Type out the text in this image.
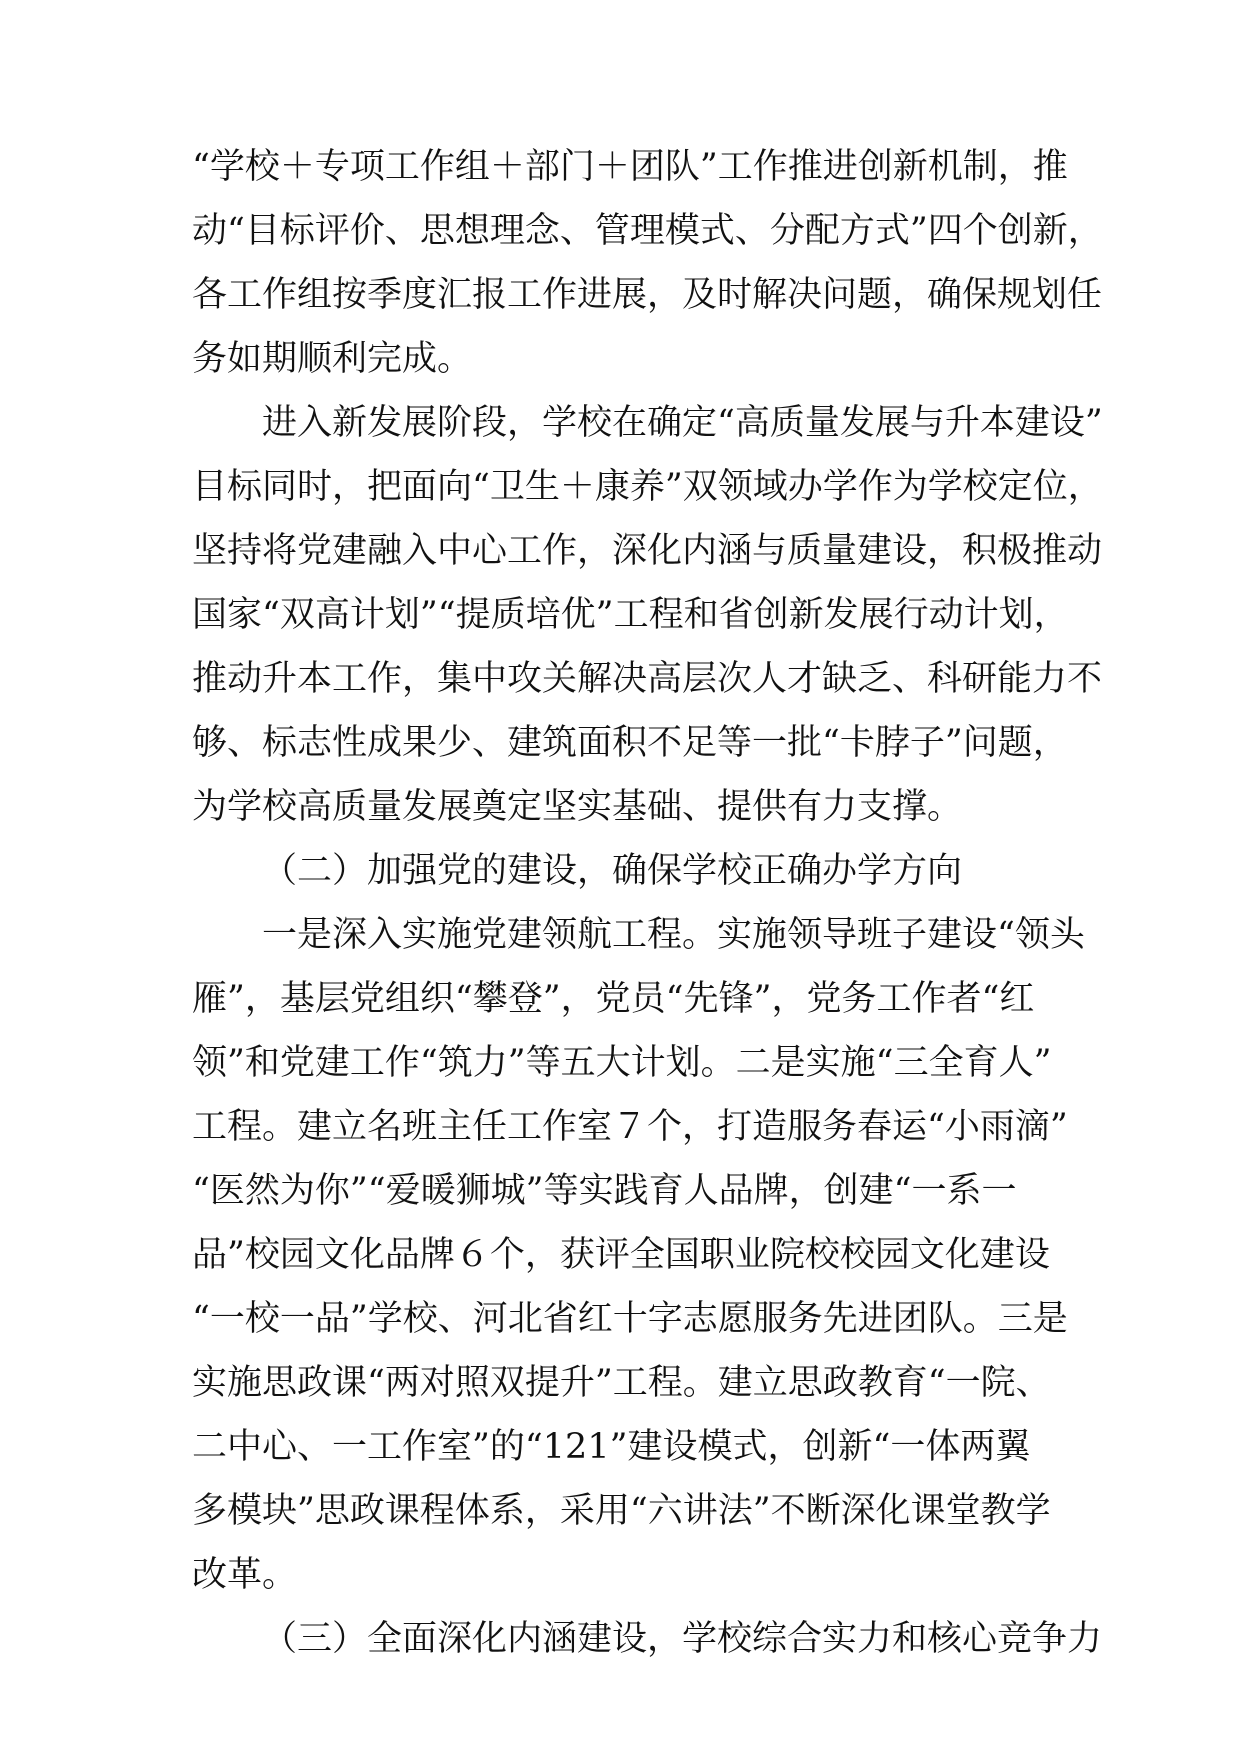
“学校＋专项工作组＋部门＋团队”工作推进创新机制，推
动“目标评价、思想理念、管理模式、分配方式”四个创新，
各工作组按季度汇报工作进展，及时解决问题，确保规划任
务如期顺利完成。
进入新发展阶段，学校在确定“高质量发展与升本建设”
目标同时，把面向“卫生＋康养”双领域办学作为学校定位，
坚持将党建融入中心工作，深化内涵与质量建设，积极推动
国家“双高计划”“提质培优”工程和省创新发展行动计划，
推动升本工作，集中攻关解决高层次人才缺乏、科研能力不
够、标志性成果少、建筑面积不足等一批“卡脖子”问题，
为学校高质量发展奠定坚实基础、提供有力支撑。
（二）加强党的建设，确保学校正确办学方向
一是深入实施党建领航工程。实施领导班子建设“领头
雁”，基层党组织“攀登”，党员“先锋”，党务工作者“红
领”和党建工作“筑力”等五大计划。二是实施“三全育人”
工程。建立名班主任工作室７个，打造服务春运“小雨滴”
“医然为你”“爱暖狮城”等实践育人品牌，创建“一系一
品”校园文化品牌６个，获评全国职业院校校园文化建设
“一校一品”学校、河北省红十字志愿服务先进团队。三是
实施思政课“两对照双提升”工程。建立思政教育“一院、
二中心、一工作室”的“121”建设模式，创新“一体两翼
多模块”思政课程体系，采用“六讲法”不断深化课堂教学
改革。
（三）全面深化内涵建设，学校综合实力和核心竞争力
